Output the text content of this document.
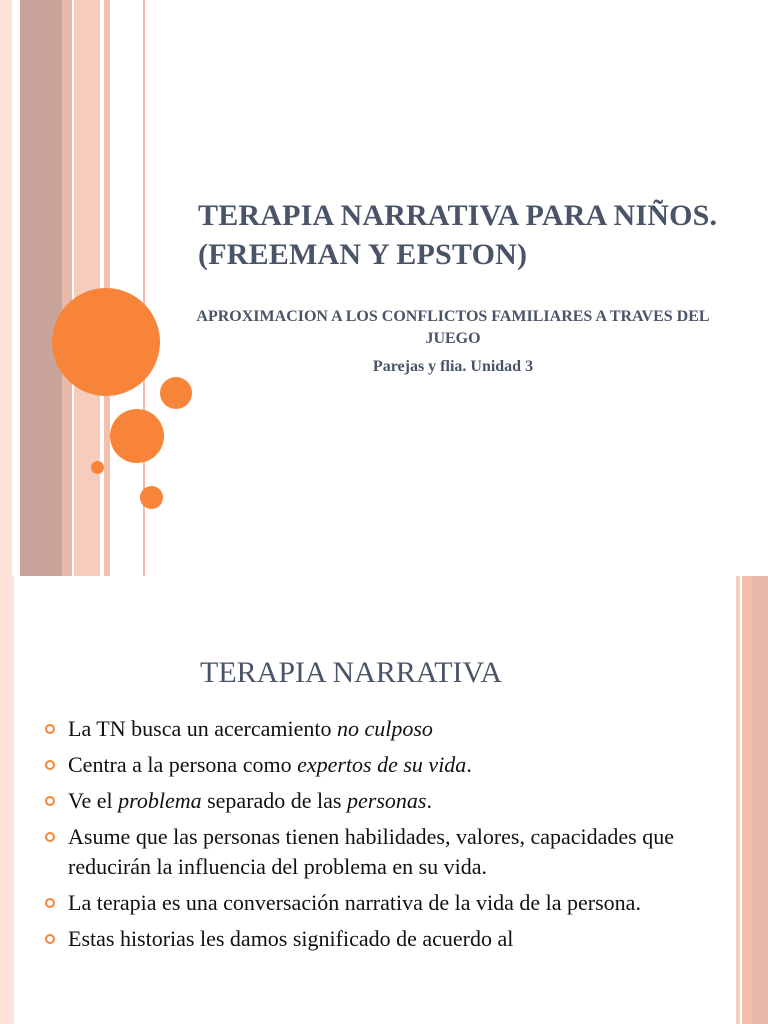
TERAPIA NARRATIVA PARA NIÑOS. (FREEMAN Y EPSTON)
APROXIMACION A LOS CONFLICTOS FAMILIARES A TRAVES DEL JUEGO
Parejas y flia. Unidad 3
TERAPIA NARRATIVA
La TN busca un acercamiento no culposo
Centra a la persona como expertos de su vida.
Ve el problema separado de las personas.
Asume que las personas tienen habilidades, valores, capacidades que reducirán la influencia del problema en su vida.
La terapia es una conversación narrativa de la vida de la persona.
Estas historias les damos significado de acuerdo al
